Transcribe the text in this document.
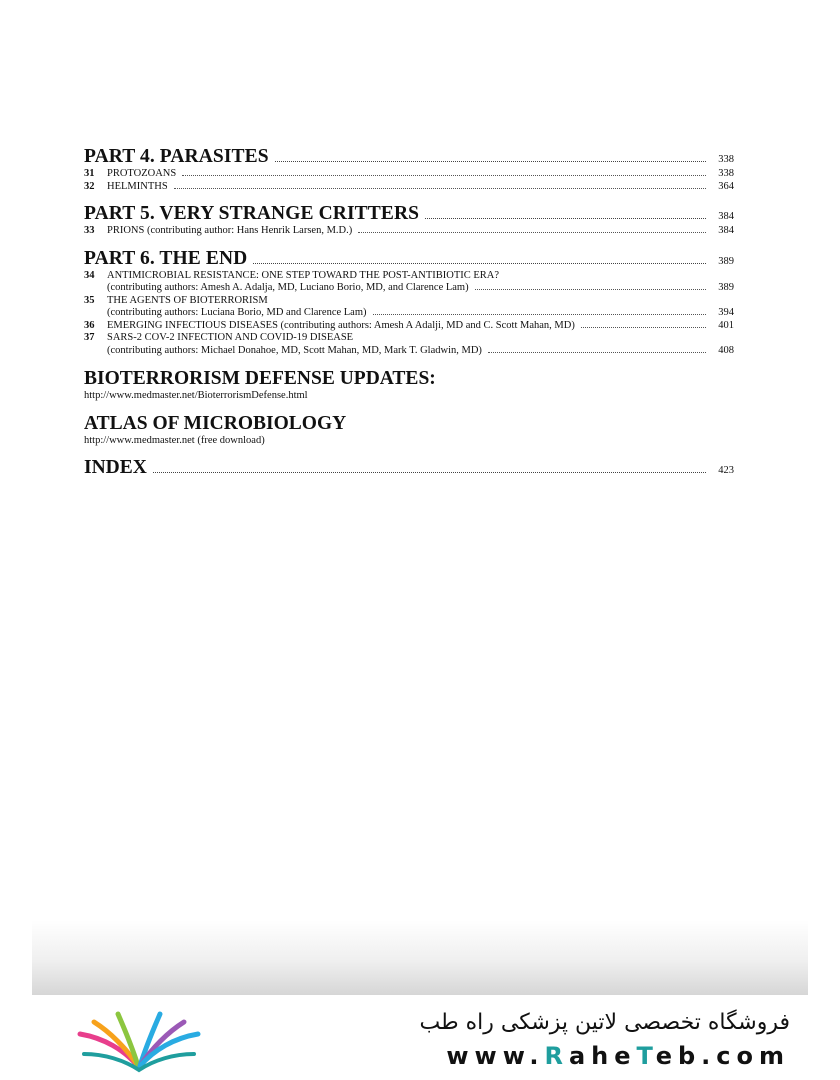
PART 4. PARASITES	338
31	PROTOZOANS	338
32	HELMINTHS	364
PART 5. VERY STRANGE CRITTERS	384
33	PRIONS (contributing author: Hans Henrik Larsen, M.D.)	384
PART 6. THE END	389
34	ANTIMICROBIAL RESISTANCE: ONE STEP TOWARD THE POST-ANTIBIOTIC ERA?
(contributing authors: Amesh A. Adalja, MD, Luciano Borio, MD, and Clarence Lam)	389
35	THE AGENTS OF BIOTERRORISM
(contributing authors: Luciana Borio, MD and Clarence Lam)	394
36	EMERGING INFECTIOUS DISEASES (contributing authors: Amesh A Adalji, MD and C. Scott Mahan, MD)	401
37	SARS-2 COV-2 INFECTION AND COVID-19 DISEASE
(contributing authors: Michael Donahoe, MD, Scott Mahan, MD, Mark T. Gladwin, MD)	408
BIOTERRORISM DEFENSE UPDATES:
http://www.medmaster.net/BioterrorismDefense.html
ATLAS OF MICROBIOLOGY
http://www.medmaster.net (free download)
INDEX	423
فروشگاه تخصصی لاتین پزشکی راه طب
www.RaheTeb.com
